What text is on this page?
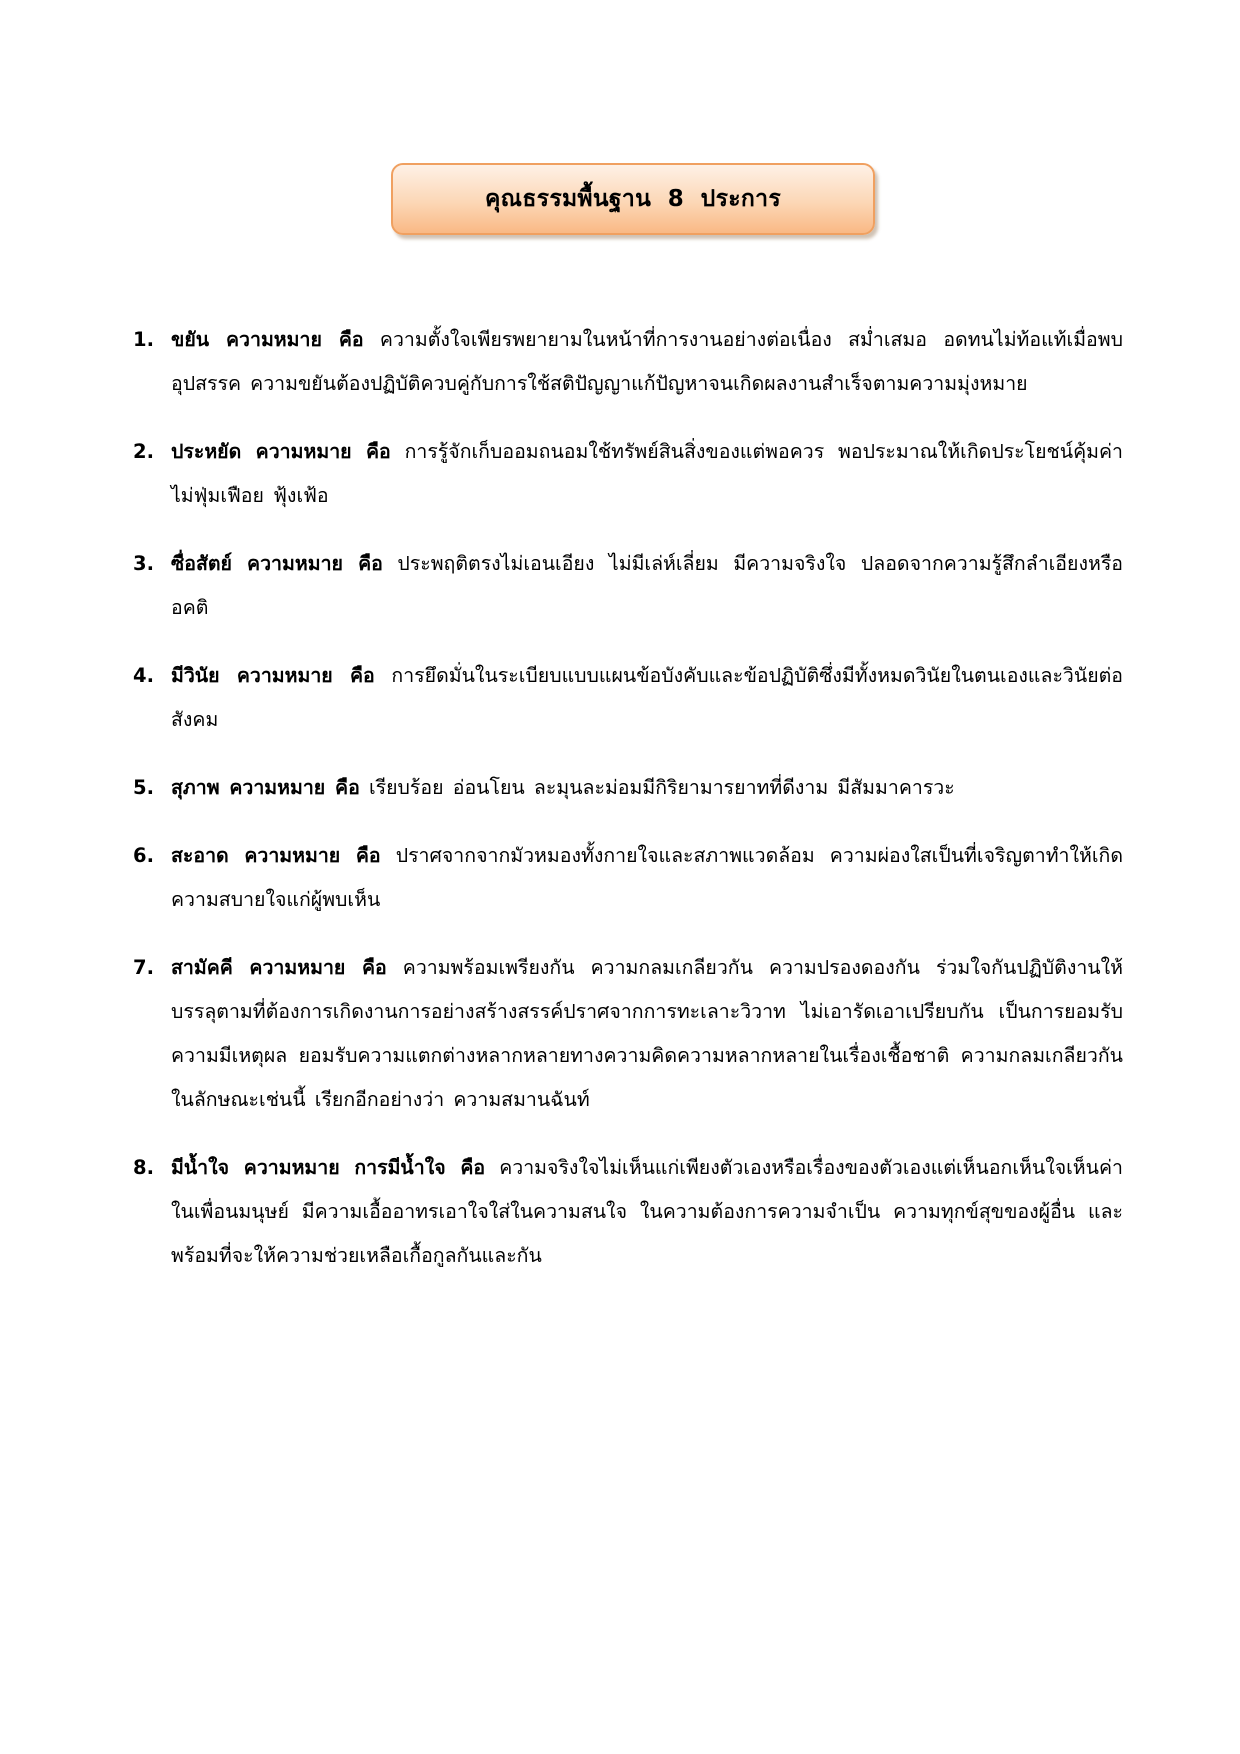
คุณธรรมพื้นฐาน  8  ประการ
1. ขยัน ความหมาย คือ ความตั้งใจเพียรพยายามในหน้าที่การงานอย่างต่อเนื่อง สม่ำเสมอ อดทนไม่ท้อแท้เมื่อพบอุปสรรค ความขยันต้องปฏิบัติควบคู่กับการใช้สติปัญญาแก้ปัญหาจนเกิดผลงานสำเร็จตามความมุ่งหมาย
2. ประหยัด ความหมาย คือ การรู้จักเก็บออมถนอมใช้ทรัพย์สินสิ่งของแต่พอควร พอประมาณให้เกิดประโยชน์คุ้มค่า ไม่ฟุ่มเฟือย ฟุ้งเฟ้อ
3. ซื่อสัตย์ ความหมาย คือ ประพฤติตรงไม่เอนเอียง ไม่มีเล่ห์เลี่ยม มีความจริงใจ ปลอดจากความรู้สึกลำเอียงหรืออคติ
4. มีวินัย ความหมาย คือ การยึดมั่นในระเบียบแบบแผนข้อบังคับและข้อปฏิบัติซึ่งมีทั้งหมดวินัยในตนเองและวินัยต่อสังคม
5. สุภาพ ความหมาย คือ เรียบร้อย อ่อนโยน ละมุนละม่อมมีกิริยามารยาทที่ดีงาม มีสัมมาคารวะ
6. สะอาด ความหมาย คือ ปราศจากจากมัวหมองทั้งกายใจและสภาพแวดล้อม ความผ่องใสเป็นที่เจริญตาทำให้เกิดความสบายใจแก่ผู้พบเห็น
7. สามัคคี ความหมาย คือ ความพร้อมเพรียงกัน ความกลมเกลียวกัน ความปรองดองกัน ร่วมใจกันปฏิบัติงานให้บรรลุตามที่ต้องการเกิดงานการอย่างสร้างสรรค์ปราศจากการทะเลาะวิวาท ไม่เอารัดเอาเปรียบกัน เป็นการยอมรับ ความมีเหตุผล ยอมรับความแตกต่างหลากหลายทางความคิดความหลากหลายในเรื่องเชื้อชาติ ความกลมเกลียวกันในลักษณะเช่นนี้ เรียกอีกอย่างว่า ความสมานฉันท์
8. มีน้ำใจ ความหมาย การมีน้ำใจ คือ ความจริงใจไม่เห็นแก่เพียงตัวเองหรือเรื่องของตัวเองแต่เห็นอกเห็นใจเห็นค่าในเพื่อนมนุษย์ มีความเอื้ออาทรเอาใจใส่ในความสนใจ ในความต้องการความจำเป็น ความทุกข์สุขของผู้อื่น และพร้อมที่จะให้ความช่วยเหลือเกื้อกูลกันและกัน
